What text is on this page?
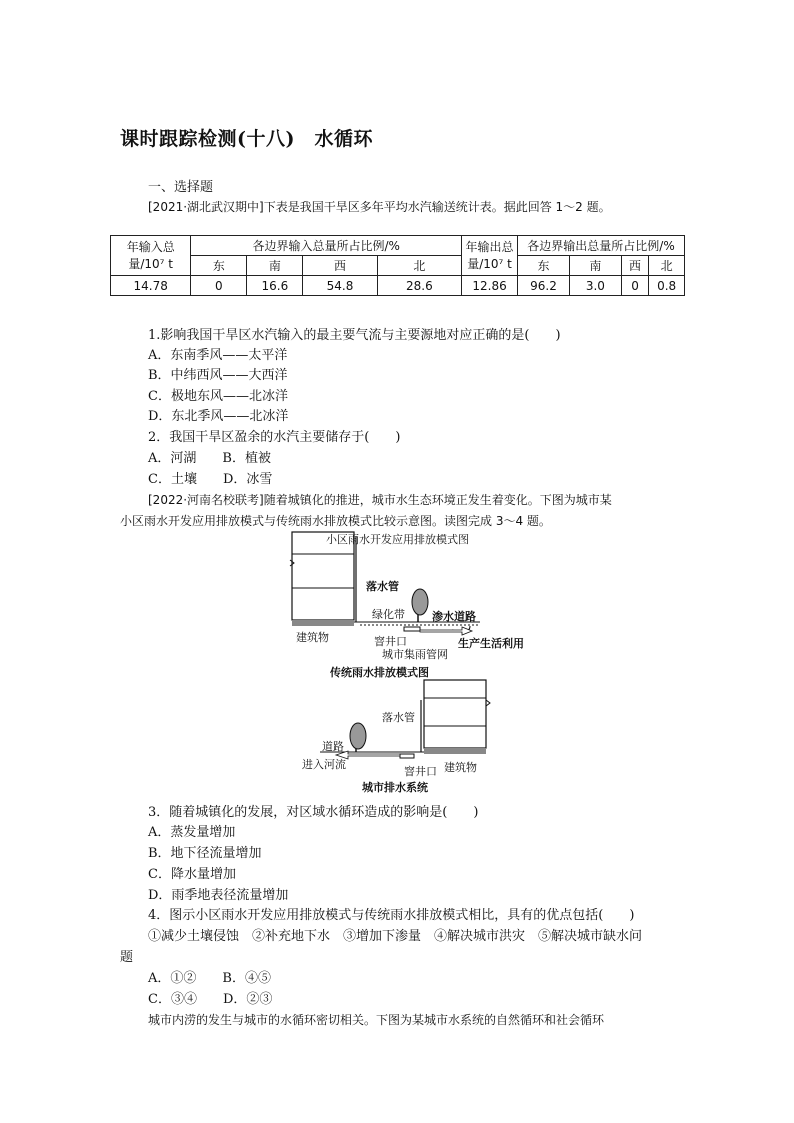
课时跟踪检测(十八)　水循环
一、选择题
[2021·湖北武汉期中]下表是我国干旱区多年平均水汽输送统计表。据此回答 1～2 题。
年输入总量/10⁷ t	各边界输入总量所占比例/%				年输出总量/10⁷ t	各边界输出总量所占比例/%			
	东	南	西	北		东	南	西	北
14.78	0	16.6	54.8	28.6	12.86	96.2	3.0	0	0.8
1.影响我国干旱区水汽输入的最主要气流与主要源地对应正确的是(　　)
A．东南季风——太平洋
B．中纬西风——大西洋
C．极地东风——北冰洋
D．东北季风——北冰洋
2．我国干旱区盈余的水汽主要储存于(　　)
A．河湖　　B．植被
C．土壤　　D．冰雪
[2022·河南名校联考]随着城镇化的推进，城市水生态环境正发生着变化。下图为城市某
小区雨水开发应用排放模式与传统雨水排放模式比较示意图。读图完成 3～4 题。
小区雨水开发应用排放模式图
落水管
绿化带 渗水道路
建筑物	窨井口	生产生活利用
城市集雨管网
传统雨水排放模式图
落水管
道路
进入河流
窨井口 建筑物
城市排水系统
3．随着城镇化的发展，对区域水循环造成的影响是(　　)
A．蒸发量增加
B．地下径流量增加
C．降水量增加
D．雨季地表径流量增加
4．图示小区雨水开发应用排放模式与传统雨水排放模式相比，具有的优点包括(　　)
①减少土壤侵蚀　②补充地下水　③增加下渗量　④解决城市洪灾　⑤解决城市缺水问
题
A．①②　　B．④⑤
C．③④　　D．②③
城市内涝的发生与城市的水循环密切相关。下图为某城市水系统的自然循环和社会循环
